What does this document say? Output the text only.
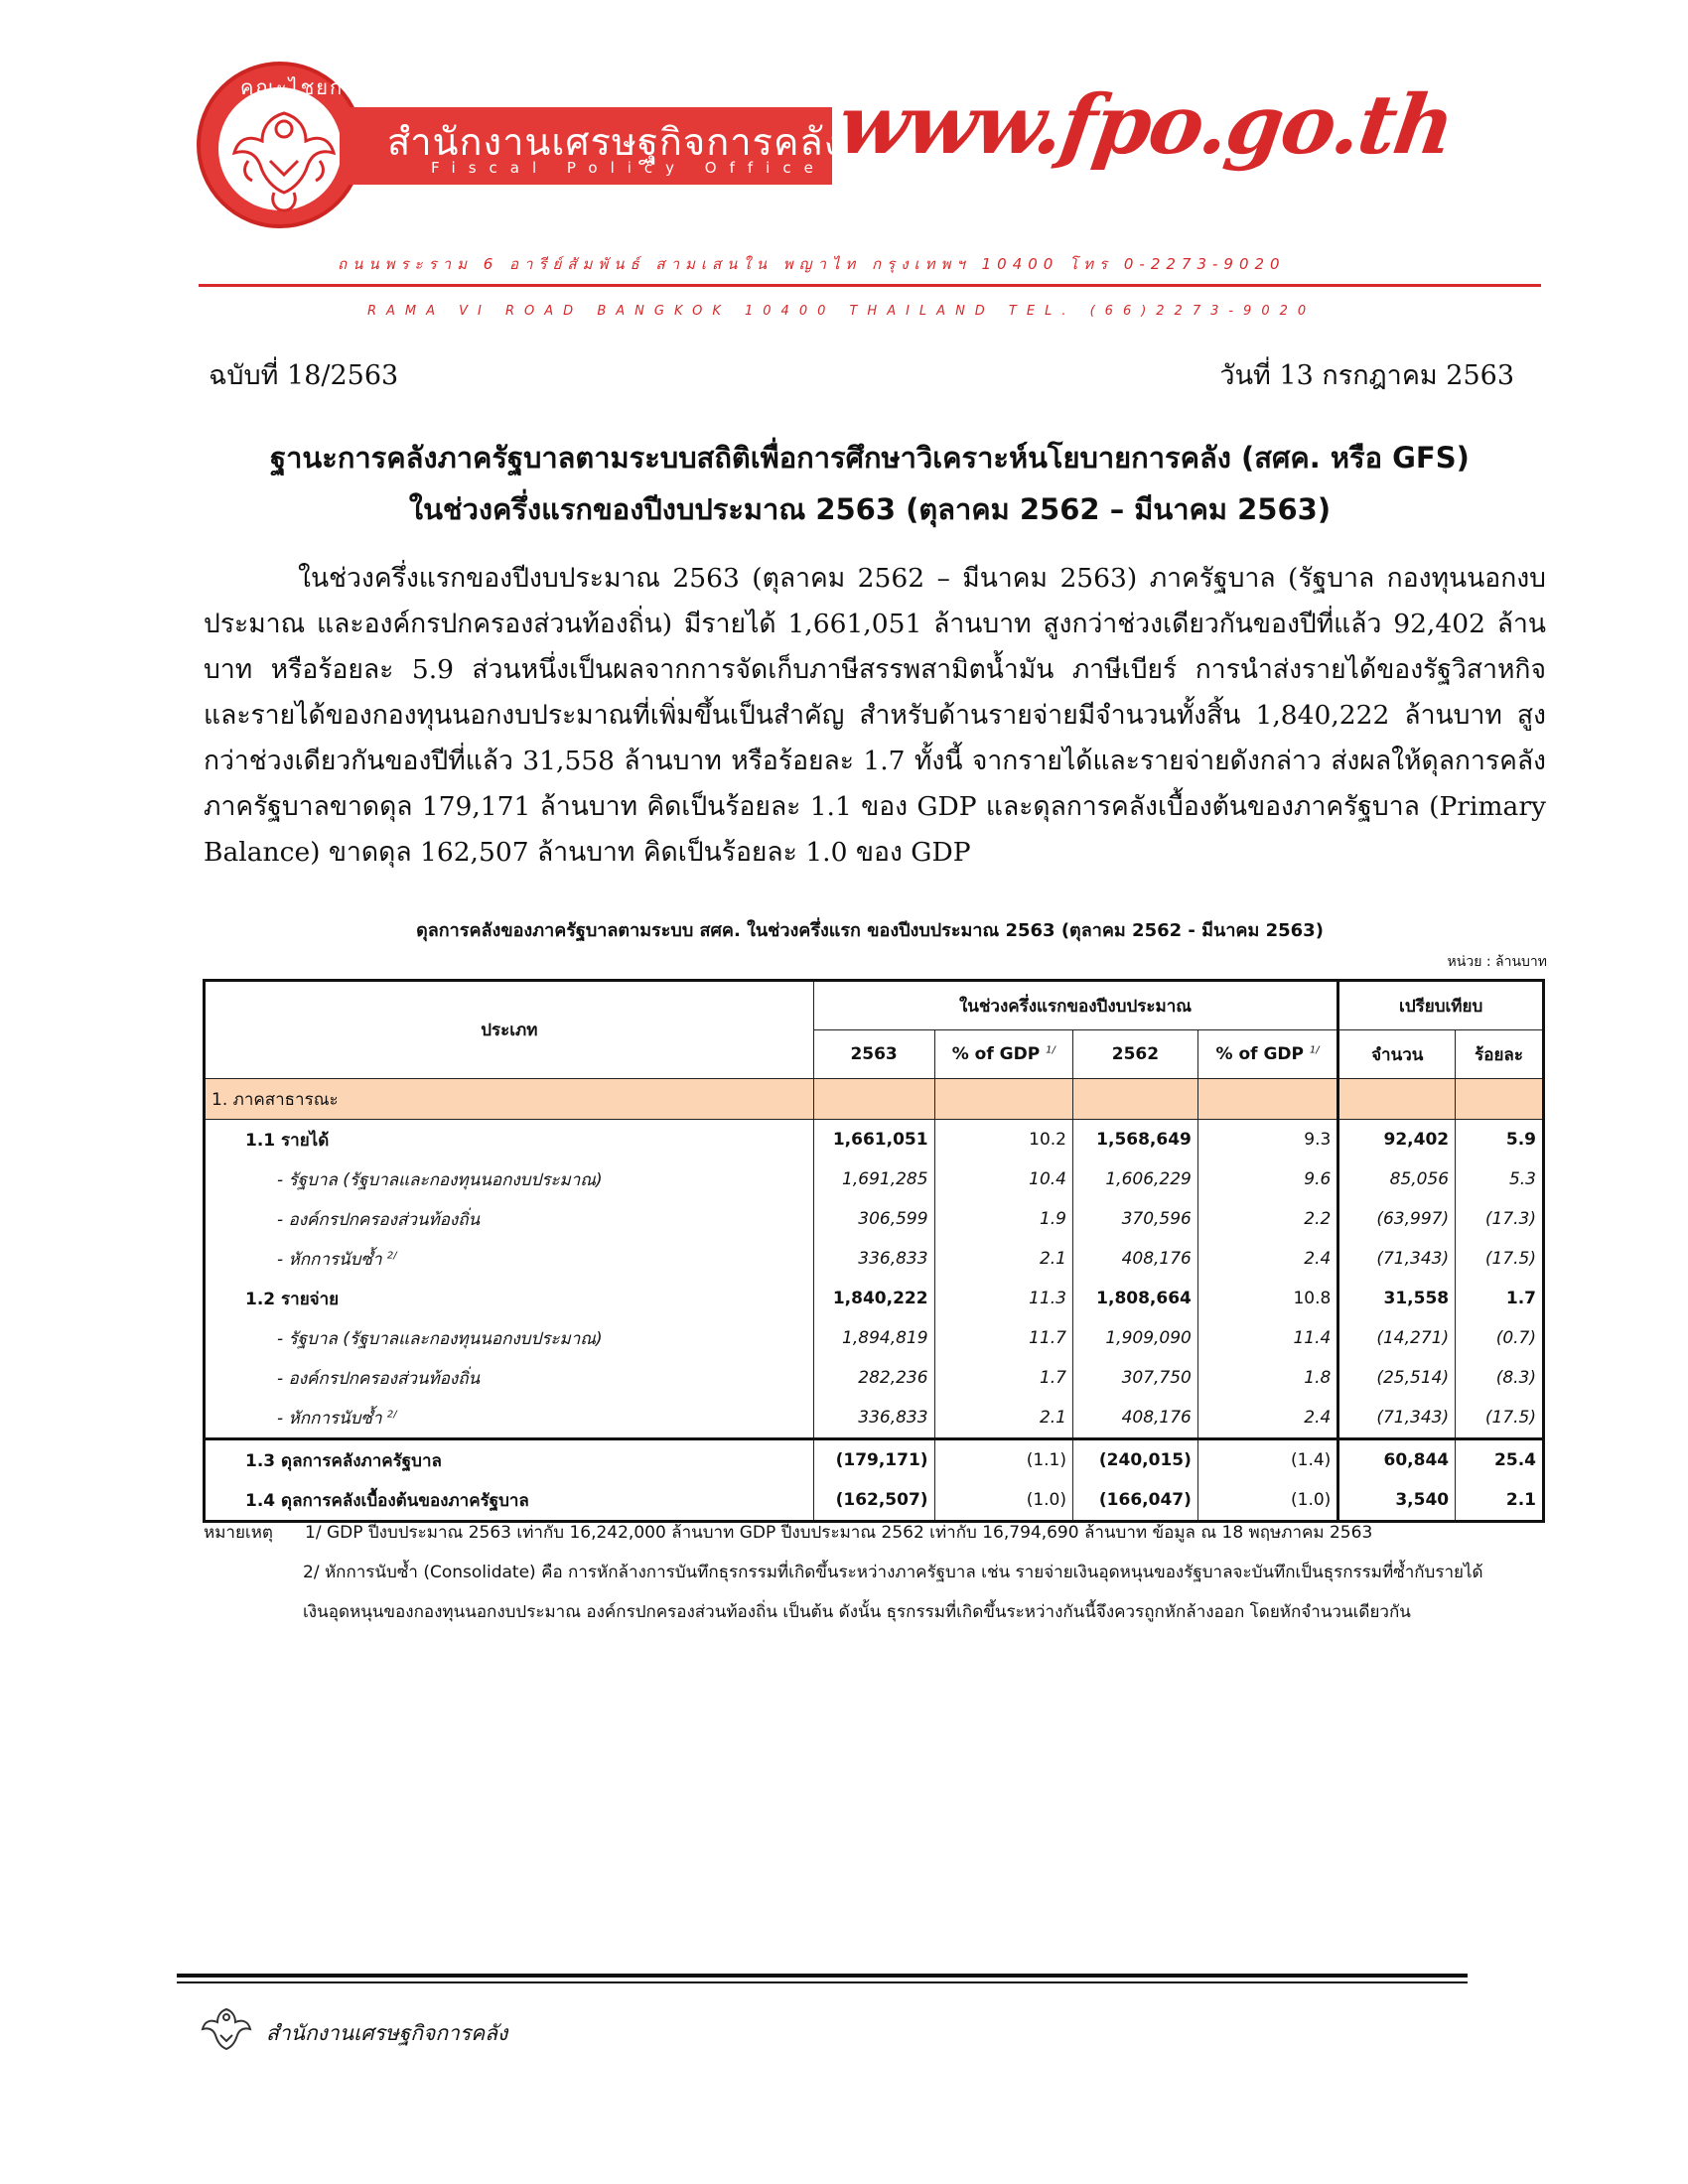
คณะไชยก
สำนักงานเศรษฐกิจการคลัง
Fiscal Policy Office www.fpo.go.th
ถนนพระราม 6 อารีย์สัมพันธ์ สามเสนใน พญาไท กรุงเทพฯ 10400 โทร 0-2273-9020
RAMA VI ROAD BANGKOK 10400 THAILAND TEL. (66)2273-9020
ฉบับที่ 18/2563	วันที่ 13 กรกฎาคม 2563
ฐานะการคลังภาครัฐบาลตามระบบสถิติเพื่อการศึกษาวิเคราะห์นโยบายการคลัง (สศค. หรือ GFS)
ในช่วงครึ่งแรกของปีงบประมาณ 2563 (ตุลาคม 2562 – มีนาคม 2563)
ในช่วงครึ่งแรกของปีงบประมาณ 2563 (ตุลาคม 2562 – มีนาคม 2563) ภาครัฐบาล (รัฐบาล กองทุนนอกงบประมาณ และองค์กรปกครองส่วนท้องถิ่น) มีรายได้ 1,661,051 ล้านบาท สูงกว่าช่วงเดียวกันของปีที่แล้ว 92,402 ล้านบาท หรือร้อยละ 5.9 ส่วนหนึ่งเป็นผลจากการจัดเก็บภาษีสรรพสามิตน้ำมัน ภาษีเบียร์ การนำส่งรายได้ของรัฐวิสาหกิจ และรายได้ของกองทุนนอกงบประมาณที่เพิ่มขึ้นเป็นสำคัญ สำหรับด้านรายจ่ายมีจำนวนทั้งสิ้น 1,840,222 ล้านบาท สูงกว่าช่วงเดียวกันของปีที่แล้ว 31,558 ล้านบาท หรือร้อยละ 1.7 ทั้งนี้ จากรายได้และรายจ่ายดังกล่าว ส่งผลให้ดุลการคลังภาครัฐบาลขาดดุล 179,171 ล้านบาท คิดเป็นร้อยละ 1.1 ของ GDP และดุลการคลังเบื้องต้นของภาครัฐบาล (Primary Balance) ขาดดุล 162,507 ล้านบาท คิดเป็นร้อยละ 1.0 ของ GDP
ดุลการคลังของภาครัฐบาลตามระบบ สศค. ในช่วงครึ่งแรก ของปีงบประมาณ 2563 (ตุลาคม 2562 - มีนาคม 2563)
หน่วย : ล้านบาท
ประเภท	ในช่วงครึ่งแรกของปีงบประมาณ				เปรียบเทียบ	
	2563	% of GDP $^{1/}$	2562	% of GDP $^{1/}$	จำนวน	ร้อยละ
1. ภาคสาธารณะ						
1.1 รายได้	1,661,051	10.2	1,568,649	9.3	92,402	5.9
- รัฐบาล (รัฐบาลและกองทุนนอกงบประมาณ)	1,691,285	10.4	1,606,229	9.6	85,056	5.3
- องค์กรปกครองส่วนท้องถิ่น	306,599	1.9	370,596	2.2	(63,997)	(17.3)
- หักการนับซ้ำ $^{2/}$	336,833	2.1	408,176	2.4	(71,343)	(17.5)
1.2 รายจ่าย	1,840,222	11.3	1,808,664	10.8	31,558	1.7
- รัฐบาล (รัฐบาลและกองทุนนอกงบประมาณ)	1,894,819	11.7	1,909,090	11.4	(14,271)	(0.7)
- องค์กรปกครองส่วนท้องถิ่น	282,236	1.7	307,750	1.8	(25,514)	(8.3)
- หักการนับซ้ำ $^{2/}$	336,833	2.1	408,176	2.4	(71,343)	(17.5)
1.3 ดุลการคลังภาครัฐบาล	(179,171)	(1.1)	(240,015)	(1.4)	60,844	25.4
1.4 ดุลการคลังเบื้องต้นของภาครัฐบาล	(162,507)	(1.0)	(166,047)	(1.0)	3,540	2.1
หมายเหตุ 1/ GDP ปีงบประมาณ 2563 เท่ากับ 16,242,000 ล้านบาท GDP ปีงบประมาณ 2562 เท่ากับ 16,794,690 ล้านบาท ข้อมูล ณ 18 พฤษภาคม 2563
2/ หักการนับซ้ำ (Consolidate) คือ การหักล้างการบันทึกธุรกรรมที่เกิดขึ้นระหว่างภาครัฐบาล เช่น รายจ่ายเงินอุดหนุนของรัฐบาลจะบันทึกเป็นธุรกรรมที่ซ้ำกับรายได้
เงินอุดหนุนของกองทุนนอกงบประมาณ องค์กรปกครองส่วนท้องถิ่น เป็นต้น ดังนั้น ธุรกรรมที่เกิดขึ้นระหว่างกันนี้จึงควรถูกหักล้างออก โดยหักจำนวนเดียวกัน
สำนักงานเศรษฐกิจการคลัง
